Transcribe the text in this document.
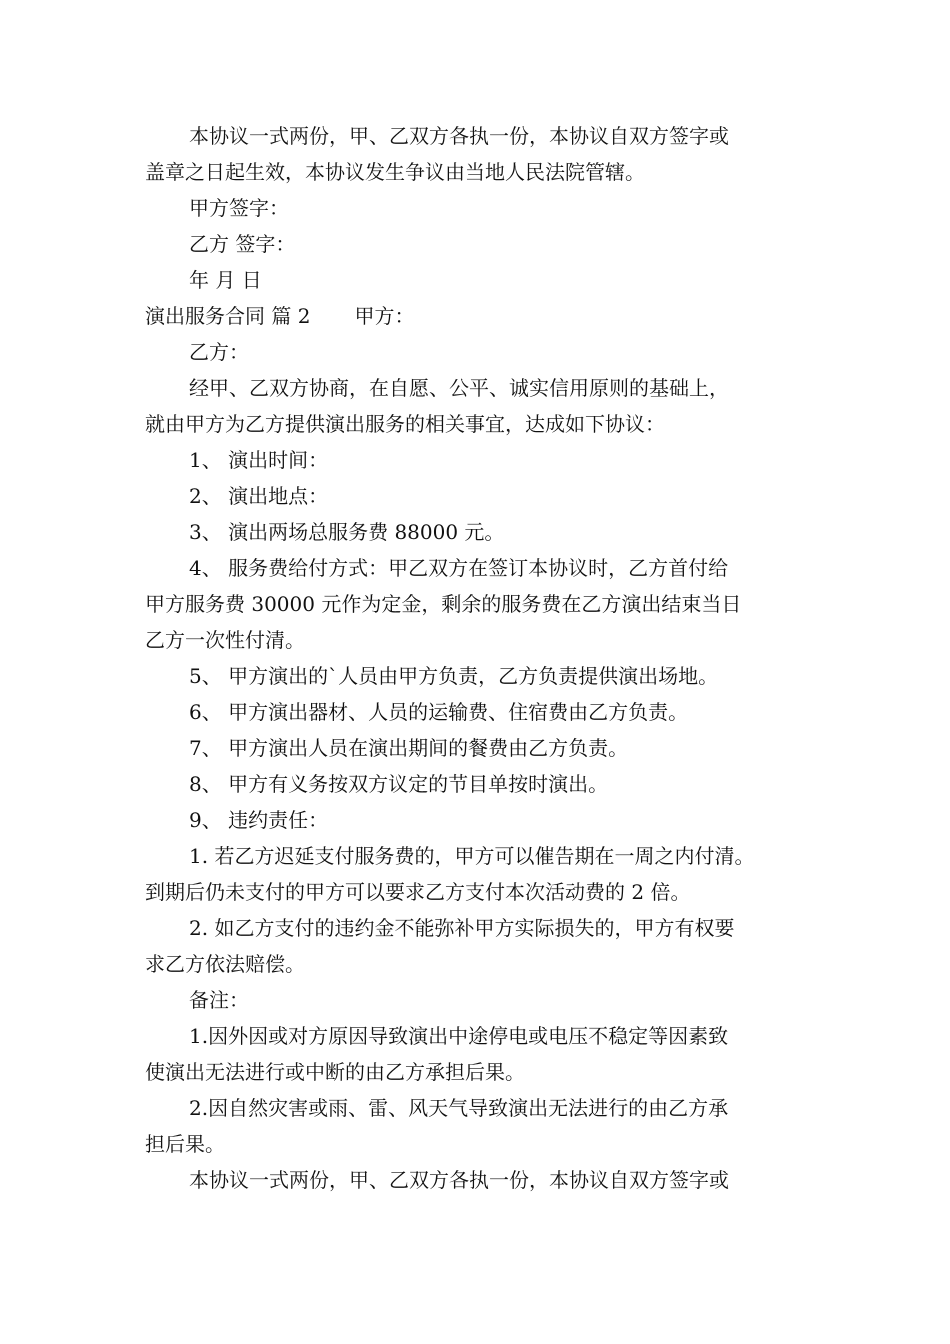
本协议一式两份，甲、乙双方各执一份，本协议自双方签字或

盖章之日起生效，本协议发生争议由当地人民法院管辖。

甲方签字：

乙方 签字：

年 月 日

演出服务合同 篇 2 甲方：

乙方：

经甲、乙双方协商，在自愿、公平、诚实信用原则的基础上，

就由甲方为乙方提供演出服务的相关事宜，达成如下协议：

1、 演出时间：

2、 演出地点：

3、 演出两场总服务费 88000 元。

4、 服务费给付方式：甲乙双方在签订本协议时，乙方首付给

甲方服务费 30000 元作为定金，剩余的服务费在乙方演出结束当日

乙方一次性付清。

5、 甲方演出的`人员由甲方负责，乙方负责提供演出场地。

6、 甲方演出器材、人员的运输费、住宿费由乙方负责。

7、 甲方演出人员在演出期间的餐费由乙方负责。

8、 甲方有义务按双方议定的节目单按时演出。

9、 违约责任：

1. 若乙方迟延支付服务费的，甲方可以催告期在一周之内付清。

到期后仍未支付的甲方可以要求乙方支付本次活动费的 2 倍。

2. 如乙方支付的违约金不能弥补甲方实际损失的，甲方有权要

求乙方依法赔偿。

备注：

1.因外因或对方原因导致演出中途停电或电压不稳定等因素致

使演出无法进行或中断的由乙方承担后果。

2.因自然灾害或雨、雷、风天气导致演出无法进行的由乙方承

担后果。

本协议一式两份，甲、乙双方各执一份，本协议自双方签字或
